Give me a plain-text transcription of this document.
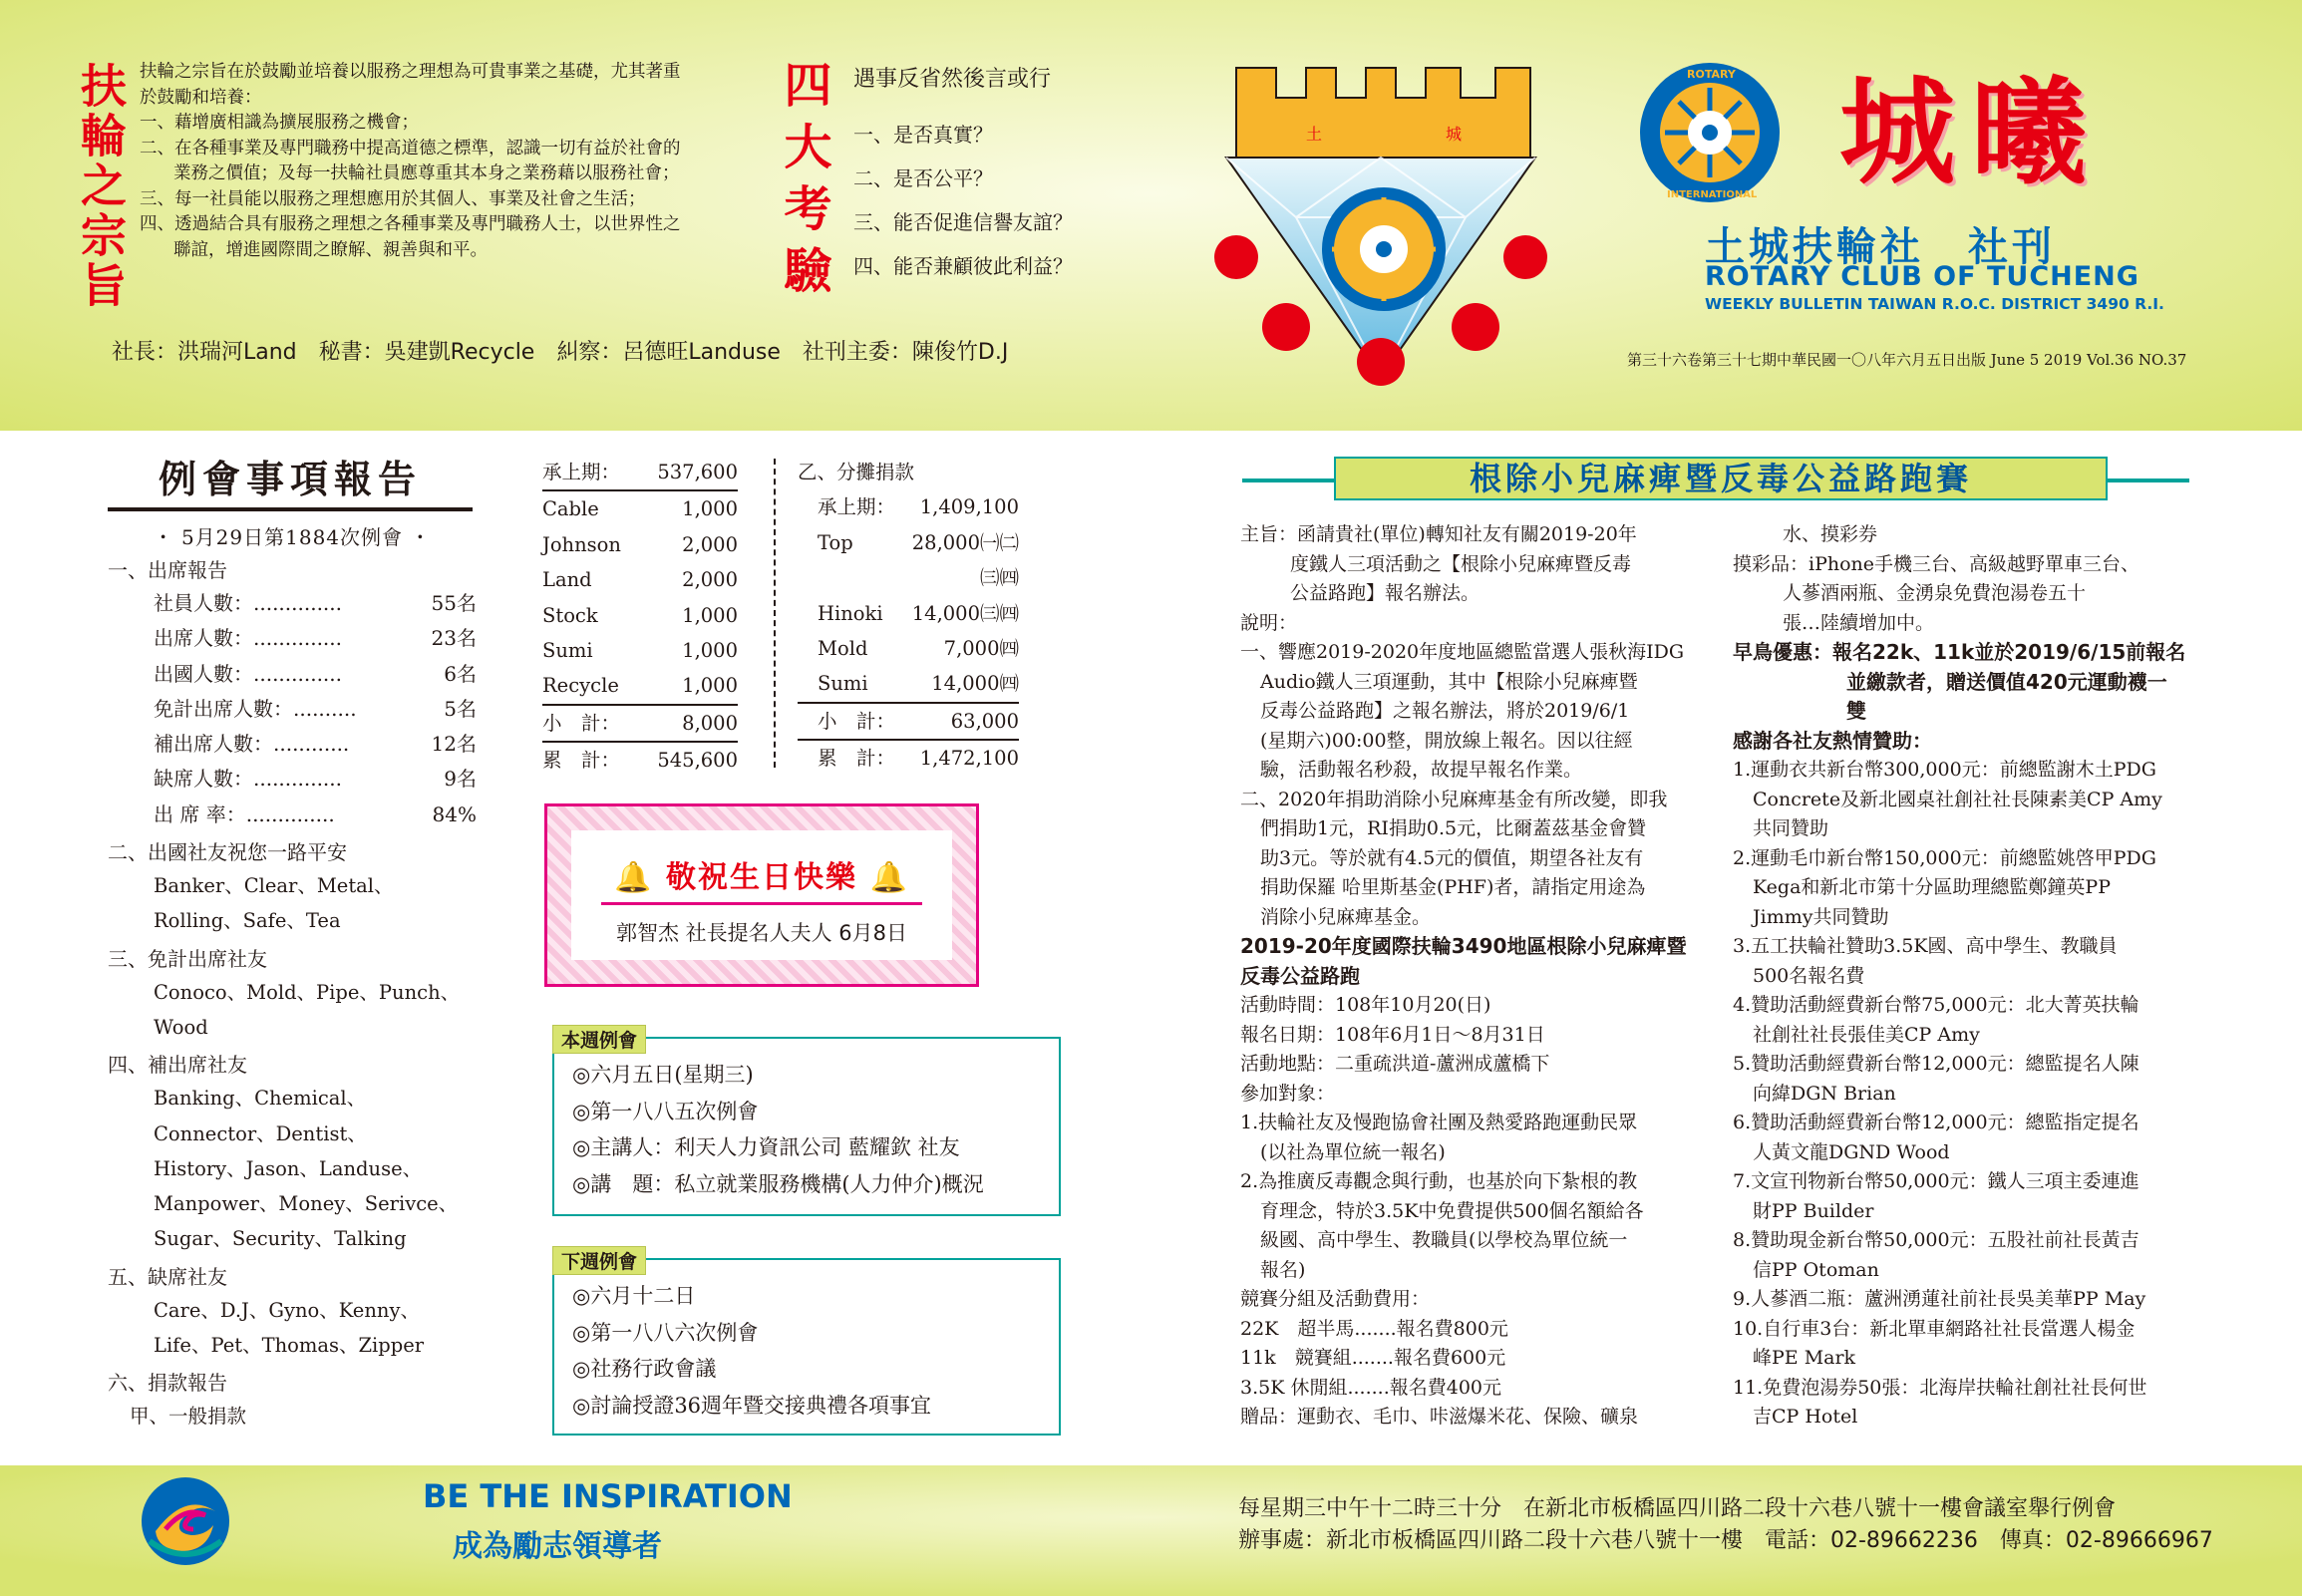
扶輪之宗旨 扶輪之宗旨在於鼓勵並培養以服務之理想為可貴事業之基礎，尤其著重

於鼓勵和培養：

一、藉增廣相識為擴展服務之機會；

二、在各種事業及專門職務中提高道德之標準，認識一切有益於社會的

業務之價值；及每一扶輪社員應尊重其本身之業務藉以服務社會；

三、每一社員能以服務之理想應用於其個人、事業及社會之生活；

四、透過結合具有服務之理想之各種事業及專門職務人士，以世界性之

聯誼，增進國際間之瞭解、親善與和平。	四大考驗	遇事反省然後言或行

一、是否真實？

二、是否公平？

三、能否促進信譽友誼？

四、能否兼顧彼此利益？

社長：洪瑞河Land　秘書：吳建凱Recycle　糾察：呂德旺Landuse　社刊主委：陳俊竹D.J
土	城
ROTARY
INTERNATIONAL 城曦
土城扶輪社　社刊
ROTARY CLUB OF TUCHENG
WEEKLY BULLETIN TAIWAN R.O.C. DISTRICT 3490 R.I.
第三十六卷第三十七期中華民國一〇八年六月五日出版 June 5 2019 Vol.36 NO.37
例會事項報告
・ 5月29日第1884次例會 ・
一、出席報告
社員人數：..............	55名
出席人數：..............	23名
出國人數：..............	6名
免計出席人數：..........	5名
補出席人數：............	12名
缺席人數：..............	9名
出 席 率：..............	84%
二、出國社友祝您一路平安
Banker、Clear、Metal、
Rolling、Safe、Tea
三、免計出席社友
Conoco、Mold、Pipe、Punch、
Wood
四、補出席社友
Banking、Chemical、
Connector、Dentist、
History、Jason、Landuse、
Manpower、Money、Serivce、
Sugar、Security、Talking
五、缺席社友
Care、D.J、Gyno、Kenny、
Life、Pet、Thomas、Zipper
六、捐款報告
甲、一般捐款
承上期： 537,600
Cable	1,000
Johnson	2,000
Land	2,000
Stock	1,000
Sumi	1,000
Recycle	1,000
小　計：	8,000
累　計： 545,600
乙、分攤捐款
承上期： 1,409,100
Top	28,000㈠㈡
㈢㈣
Hinoki 14,000㈢㈣
Mold	7,000㈣
Sumi	14,000㈣
小　計：	63,000
累　計： 1,472,100
🔔 敬祝生日快樂 🔔
郭智杰 社長提名人夫人 6月8日
本週例會

◎六月五日(星期三)

◎第一八八五次例會

◎主講人：利天人力資訊公司 藍耀欽 社友

◎講　題：私立就業服務機構(人力仲介)概況

下週例會

◎六月十二日

◎第一八八六次例會

◎社務行政會議

◎討論授證36週年暨交接典禮各項事宜

根除小兒麻痺暨反毒公益路跑賽

主旨：函請貴社(單位)轉知社友有關2019-20年

度鐵人三項活動之【根除小兒麻痺暨反毒

公益路跑】報名辦法。

說明：

一、響應2019-2020年度地區總監當選人張秋海IDG

Audio鐵人三項運動，其中【根除小兒麻痺暨

反毒公益路跑】之報名辦法，將於2019/6/1

(星期六)00:00整，開放線上報名。因以往經

驗，活動報名秒殺，故提早報名作業。

二、2020年捐助消除小兒麻痺基金有所改變，即我

們捐助1元，RI捐助0.5元，比爾蓋茲基金會贊

助3元。等於就有4.5元的價值，期望各社友有

捐助保羅 哈里斯基金(PHF)者，請指定用途為

消除小兒麻痺基金。

2019-20年度國際扶輪3490地區根除小兒麻痺暨

反毒公益路跑

活動時間：108年10月20(日)

報名日期：108年6月1日～8月31日

活動地點：二重疏洪道-蘆洲成蘆橋下

參加對象：

1.扶輪社友及慢跑協會社團及熱愛路跑運動民眾

(以社為單位統一報名)

2.為推廣反毒觀念與行動，也基於向下紮根的教

育理念，特於3.5K中免費提供500個名額給各

級國、高中學生、教職員(以學校為單位統一

報名)

競賽分組及活動費用：

22K　超半馬.......報名費800元

11k　競賽組.......報名費600元

3.5K 休閒組.......報名費400元

贈品：運動衣、毛巾、咔滋爆米花、保險、礦泉

水、摸彩券

摸彩品：iPhone手機三台、高級越野單車三台、

人蔘酒兩瓶、金湧泉免費泡湯卷五十

張…陸續增加中。

早鳥優惠：報名22k、11k並於2019/6/15前報名

並繳款者，贈送價值420元運動襪一

雙

感謝各社友熱情贊助：

1.運動衣共新台幣300,000元：前總監謝木土PDG

Concrete及新北國桌社創社社長陳素美CP Amy

共同贊助

2.運動毛巾新台幣150,000元：前總監姚啓甲PDG

Kega和新北市第十分區助理總監鄭鐘英PP

Jimmy共同贊助

3.五工扶輪社贊助3.5K國、高中學生、教職員

500名報名費

4.贊助活動經費新台幣75,000元：北大菁英扶輪

社創社社長張佳美CP Amy

5.贊助活動經費新台幣12,000元：總監提名人陳

向緯DGN Brian

6.贊助活動經費新台幣12,000元：總監指定提名

人黃文龍DGND Wood

7.文宣刊物新台幣50,000元：鐵人三項主委連進

財PP Builder

8.贊助現金新台幣50,000元：五股社前社長黃吉

信PP Otoman

9.人蔘酒二瓶：蘆洲湧蓮社前社長吳美華PP May

10.自行車3台：新北單車網路社社長當選人楊金

峰PE Mark

11.免費泡湯券50張：北海岸扶輪社創社社長何世

吉CP Hotel

BE THE INSPIRATION
成為勵志領導者
每星期三中午十二時三十分　在新北市板橋區四川路二段十六巷八號十一樓會議室舉行例會
辦事處：新北市板橋區四川路二段十六巷八號十一樓　電話：02-89662236　傳真：02-89666967
